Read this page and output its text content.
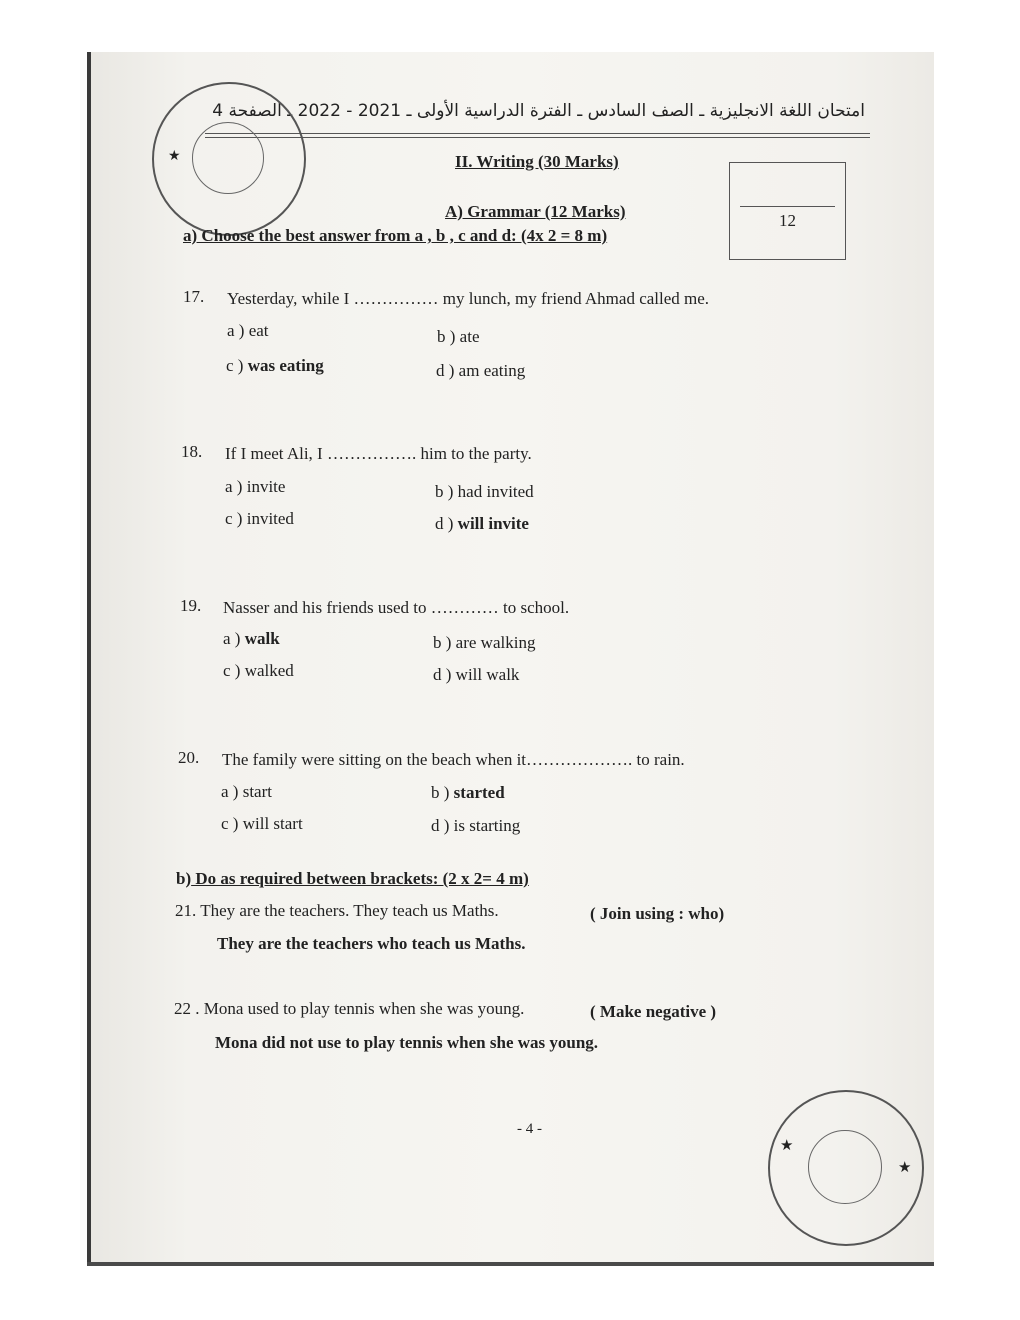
امتحان اللغة الانجليزية ـ الصف السادس ـ الفترة الدراسية الأولى ـ 2021 - 2022 ـ الصفحة 4
★	II. Writing (30 Marks)
A) Grammar (12 Marks)
a) Choose the best answer from a , b , c and d: (4x 2 = 8 m)
12
17. Yesterday, while I …………… my lunch, my friend Ahmad called me.
a ) eat	b ) ate
c ) was eating	d ) am eating
18. If I meet Ali, I ……………. him to the party.
a ) invite	b ) had invited
c ) invited	d ) will invite
19. Nasser and his friends used to ………… to school.
a ) walk	b ) are walking
c ) walked	d ) will walk
20. The family were sitting on the beach when it………………. to rain.
a ) start	b ) started
c ) will start	d ) is starting
b) Do as required between brackets: (2 x 2= 4 m)
21. They are the teachers. They teach us Maths.	( Join using : who)
They are the teachers who teach us Maths.
22 . Mona used to play tennis when she was young.	( Make negative )
Mona did not use to play tennis when she was young.
- 4 -
★
★
